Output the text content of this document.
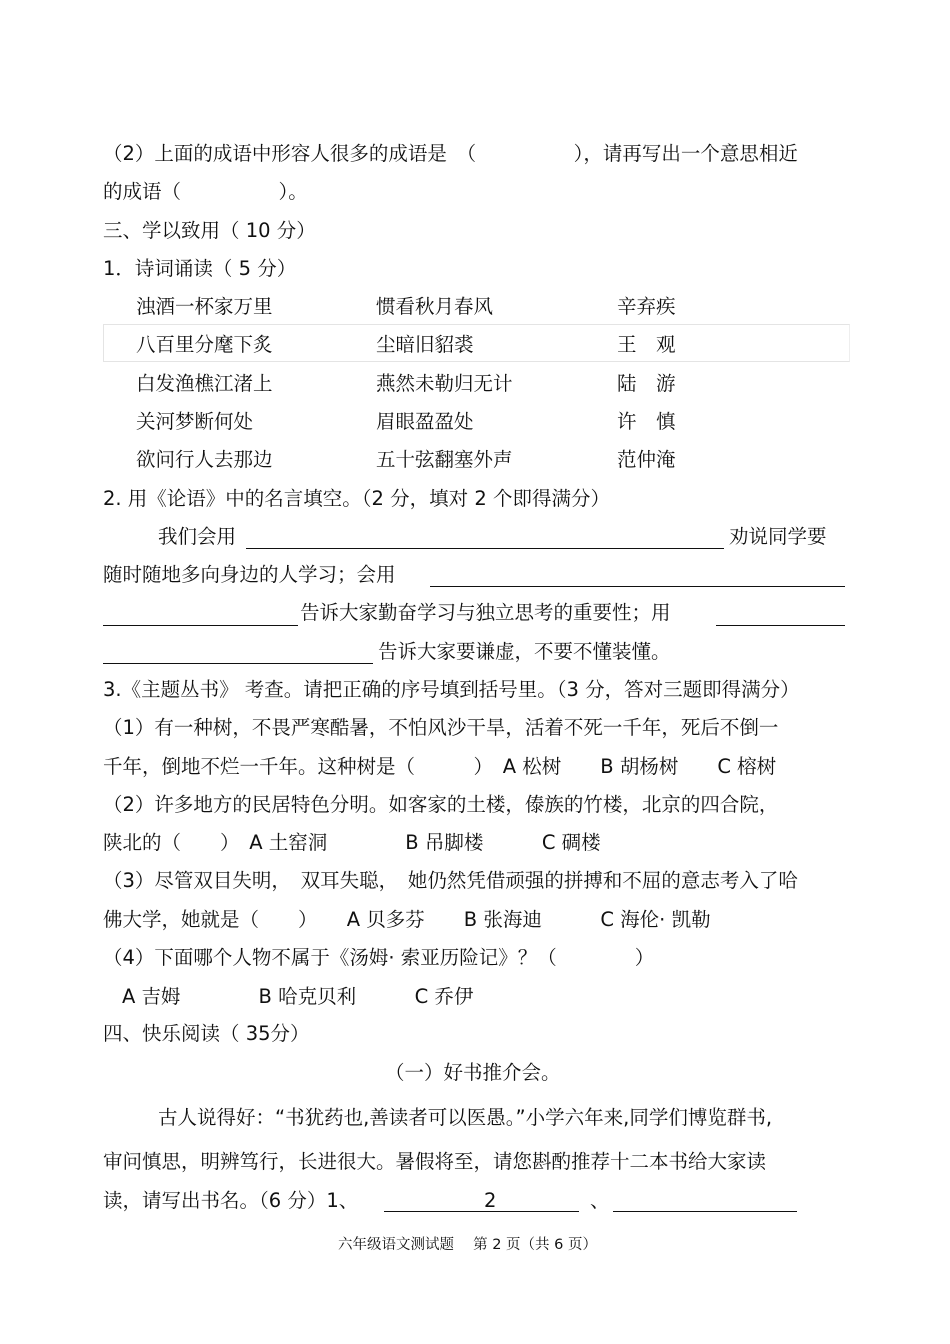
（2）上面的成语中形容人很多的成语是　（　　　　　），请再写出一个意思相近
的成语（　　　　　）。
三、学以致用（ 10 分）
1．诗词诵读（ 5 分）
浊酒一杯家万里	惯看秋月春风	辛弃疾
八百里分麾下炙	尘暗旧貂裘	王　观
白发渔樵江渚上	燕然未勒归无计	陆　游
关河梦断何处	眉眼盈盈处	许　慎
欲问行人去那边	五十弦翻塞外声	范仲淹
2. 用《论语》中的名言填空。（2 分，填对 2 个即得满分）
我们会用	劝说同学要
随时随地多向身边的人学习；会用
告诉大家勤奋学习与独立思考的重要性；用
告诉大家要谦虚，不要不懂装懂。
3.《主题丛书》 考查。请把正确的序号填到括号里。（3 分，答对三题即得满分）
（1）有一种树，不畏严寒酷暑，不怕风沙干旱，活着不死一千年，死后不倒一
千年，倒地不烂一千年。这种树是（　　　）　A 松树　　B 胡杨树　　C 榕树
（2）许多地方的民居特色分明。如客家的土楼，傣族的竹楼，北京的四合院，
陕北的（　　）　A 土窑洞　　　　B 吊脚楼　　　C 碉楼
（3）尽管双目失明，　双耳失聪，　她仍然凭借顽强的拼搏和不屈的意志考入了哈
佛大学，她就是（　　）　　A 贝多芬　　B 张海迪　　　C 海伦· 凯勒
（4）下面哪个人物不属于《汤姆· 索亚历险记》？（　　　　）
A 吉姆　　　　B 哈克贝利　　　C 乔伊
四、快乐阅读（ 35分）
（一）好书推介会。
古人说得好：“书犹药也,善读者可以医愚。”小学六年来,同学们博览群书,
审问慎思，明辨笃行，长进很大。暑假将至，请您斟酌推荐十二本书给大家读
读，请写出书名。（6 分）1、	2	、
六年级语文测试题　 第 2 页（共 6 页）
